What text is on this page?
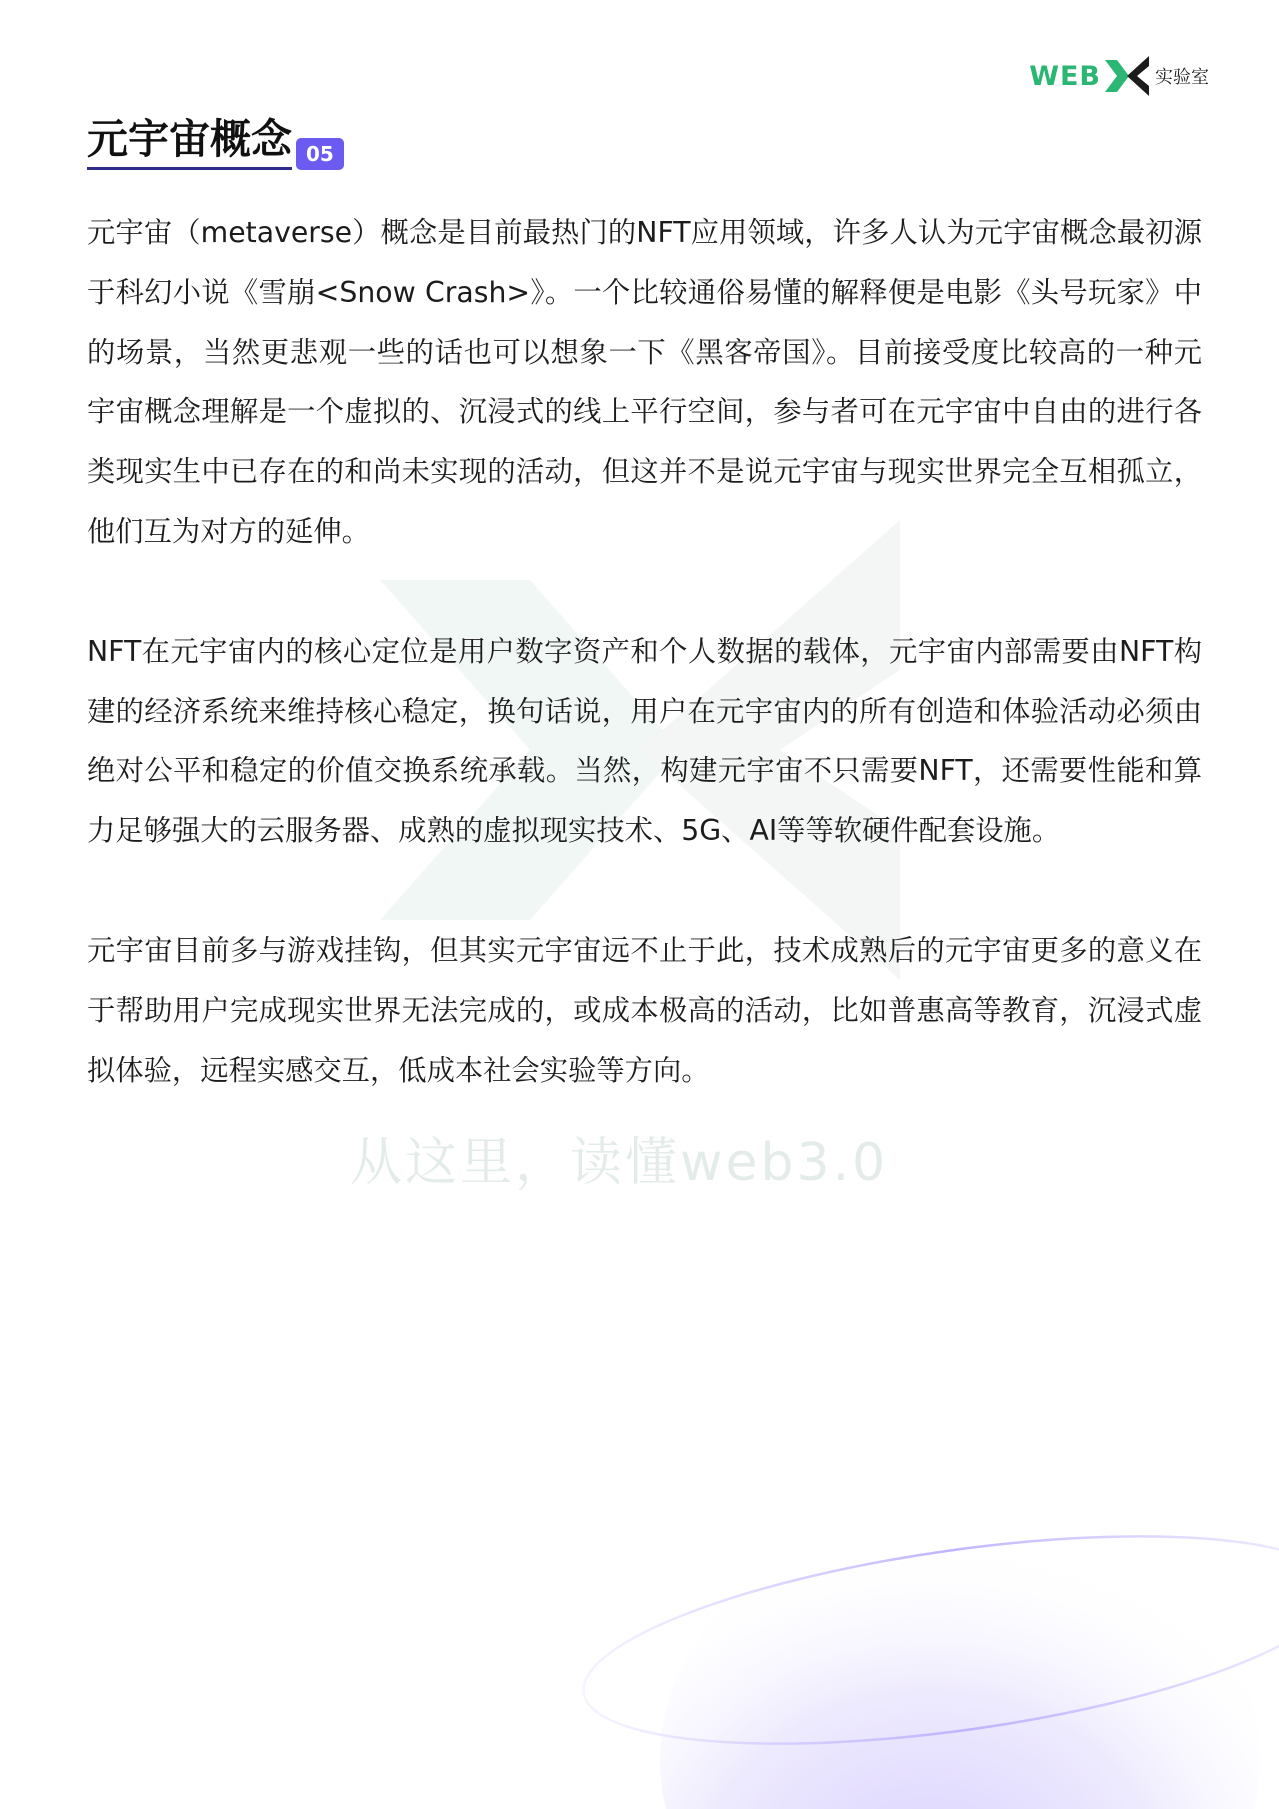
从这里，读懂web3.0
WEB	实验室
元宇宙概念 05

元宇宙（metaverse）概念是目前最热门的NFT应用领域，许多人认为元宇宙概念最初源于科幻小说《雪崩<Snow Crash>》。一个比较通俗易懂的解释便是电影《头号玩家》中的场景，当然更悲观一些的话也可以想象一下《黑客帝国》。目前接受度比较高的一种元宇宙概念理解是一个虚拟的、沉浸式的线上平行空间，参与者可在元宇宙中自由的进行各类现实生中已存在的和尚未实现的活动，但这并不是说元宇宙与现实世界完全互相孤立，他们互为对方的延伸。

NFT在元宇宙内的核心定位是用户数字资产和个人数据的载体，元宇宙内部需要由NFT构建的经济系统来维持核心稳定，换句话说，用户在元宇宙内的所有创造和体验活动必须由绝对公平和稳定的价值交换系统承载。当然，构建元宇宙不只需要NFT，还需要性能和算力足够强大的云服务器、成熟的虚拟现实技术、5G、AI等等软硬件配套设施。

元宇宙目前多与游戏挂钩，但其实元宇宙远不止于此，技术成熟后的元宇宙更多的意义在于帮助用户完成现实世界无法完成的，或成本极高的活动，比如普惠高等教育，沉浸式虚拟体验，远程实感交互，低成本社会实验等方向。
